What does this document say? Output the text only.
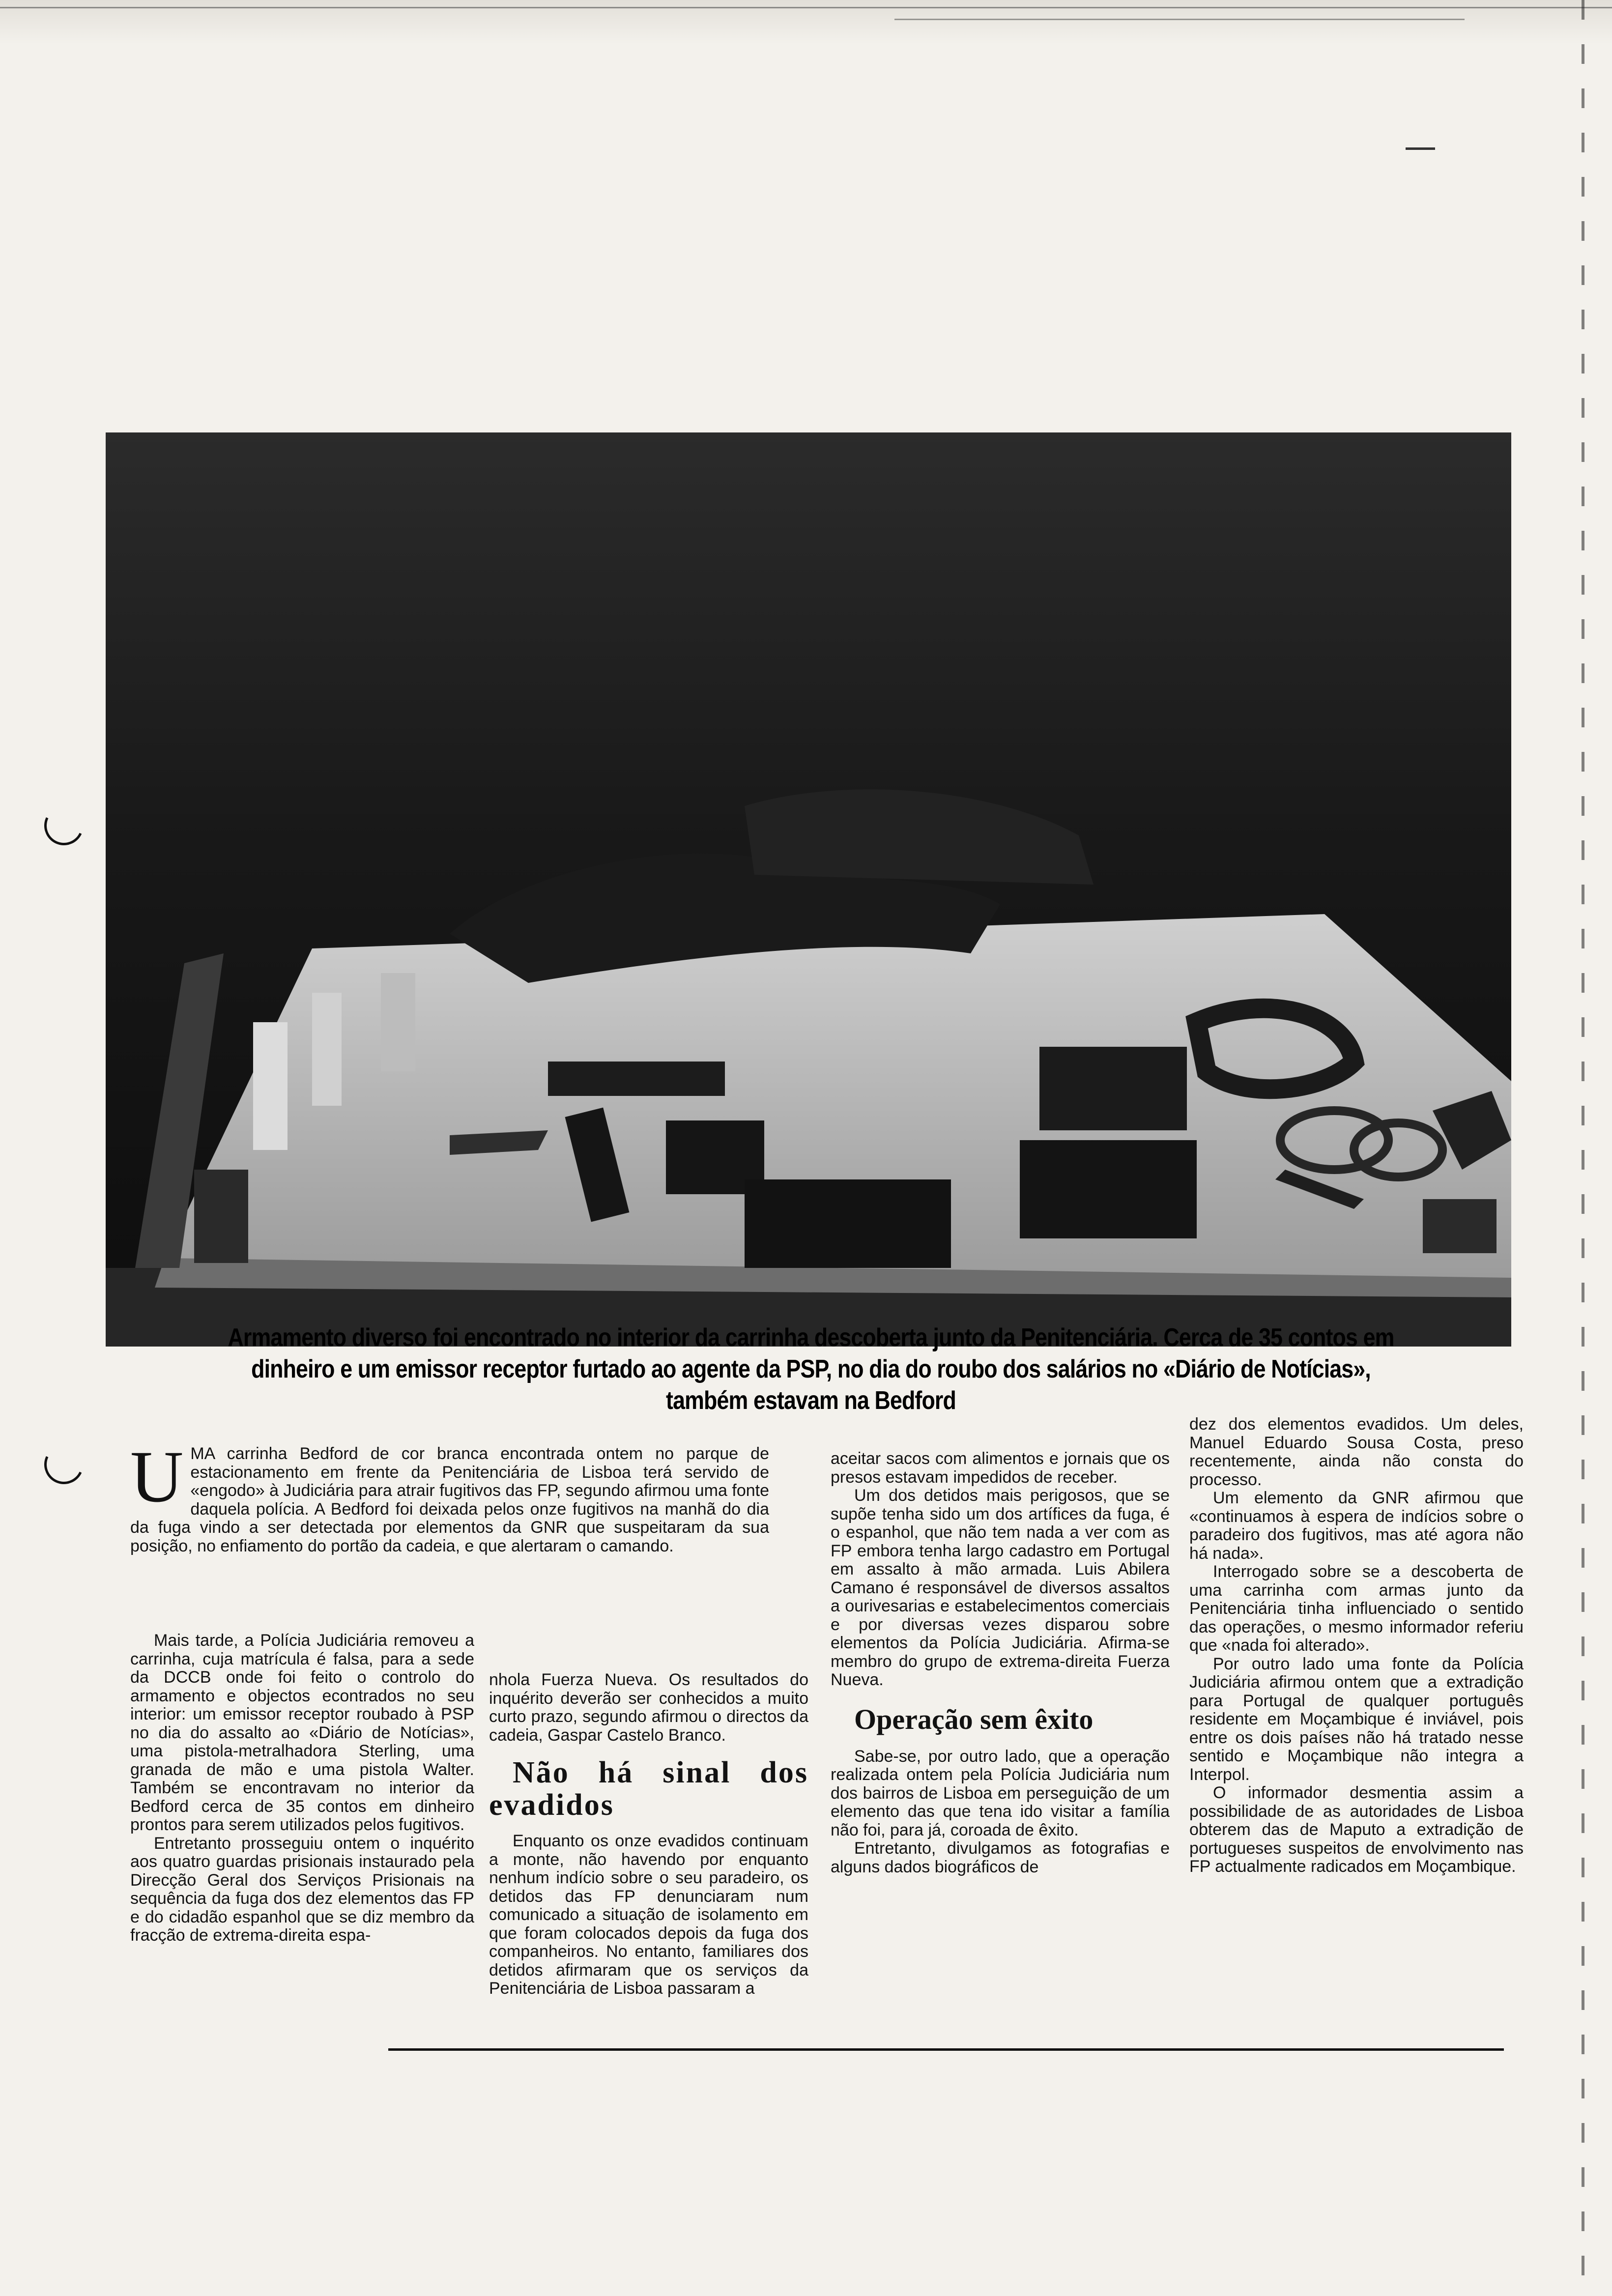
Armamento diverso foi encontrado no interior da carrinha descoberta junto da Penitenciária. Cerca de 35 contos em dinheiro e um emissor receptor furtado ao agente da PSP, no dia do roubo dos salários no «Diário de Notícias», também estavam na Bedford

UMA carrinha Bedford de cor branca encontrada ontem no parque de estacionamento em frente da Penitenciária de Lisboa terá servido de «engodo» à Judiciária para atrair fugitivos das FP, segundo afirmou uma fonte daquela polícia. A Bedford foi deixada pelos onze fugitivos na manhã do dia da fuga vindo a ser detectada por elementos da GNR que suspeitaram da sua posição, no enfiamento do portão da cadeia, e que alertaram o camando.

Mais tarde, a Polícia Judiciária removeu a carrinha, cuja matrícula é falsa, para a sede da DCCB onde foi feito o controlo do armamento e objectos econtrados no seu interior: um emissor receptor roubado à PSP no dia do assalto ao «Diário de Notícias», uma pistola-metralhadora Sterling, uma granada de mão e uma pistola Walter. Também se encontravam no interior da Bedford cerca de 35 contos em dinheiro prontos para serem utilizados pelos fugitivos.

Entretanto prosseguiu ontem o inquérito aos quatro guardas prisionais instaurado pela Direcção Geral dos Serviços Prisionais na sequência da fuga dos dez elementos das FP e do cidadão espanhol que se diz membro da fracção de extrema-direita espa-

nhola Fuerza Nueva. Os resultados do inquérito deverão ser conhecidos a muito curto prazo, segundo afirmou o directos da cadeia, Gaspar Castelo Branco.

Não há sinal dos evadidos

Enquanto os onze evadidos continuam a monte, não havendo por enquanto nenhum indício sobre o seu paradeiro, os detidos das FP denunciaram num comunicado a situação de isolamento em que foram colocados depois da fuga dos companheiros. No entanto, familiares dos detidos afirmaram que os serviços da Penitenciária de Lisboa passaram a

aceitar sacos com alimentos e jornais que os presos estavam impedidos de receber.

Um dos detidos mais perigosos, que se supõe tenha sido um dos artífices da fuga, é o espanhol, que não tem nada a ver com as FP embora tenha largo cadastro em Portugal em assalto à mão armada. Luis Abilera Camano é responsável de diversos assaltos a ourivesarias e estabelecimentos comerciais e por diversas vezes disparou sobre elementos da Polícia Judiciária. Afirma-se membro do grupo de extrema-direita Fuerza Nueva.

Operação sem êxito

Sabe-se, por outro lado, que a operação realizada ontem pela Polícia Judiciária num dos bairros de Lisboa em perseguição de um elemento das que tena ido visitar a família não foi, para já, coroada de êxito.

Entretanto, divulgamos as fotografias e alguns dados biográficos de

dez dos elementos evadidos. Um deles, Manuel Eduardo Sousa Costa, preso recentemente, ainda não consta do processo.

Um elemento da GNR afirmou que «continuamos à espera de indícios sobre o paradeiro dos fugitivos, mas até agora não há nada».

Interrogado sobre se a descoberta de uma carrinha com armas junto da Penitenciária tinha influenciado o sentido das operações, o mesmo informador referiu que «nada foi alterado».

Por outro lado uma fonte da Polícia Judiciária afirmou ontem que a extradição para Portugal de qualquer português residente em Moçambique é inviável, pois entre os dois países não há tratado nesse sentido e Moçambique não integra a Interpol.

O informador desmentia assim a possibilidade de as autoridades de Lisboa obterem das de Maputo a extradição de portugueses suspeitos de envolvimento nas FP actualmente radicados em Moçambique.
